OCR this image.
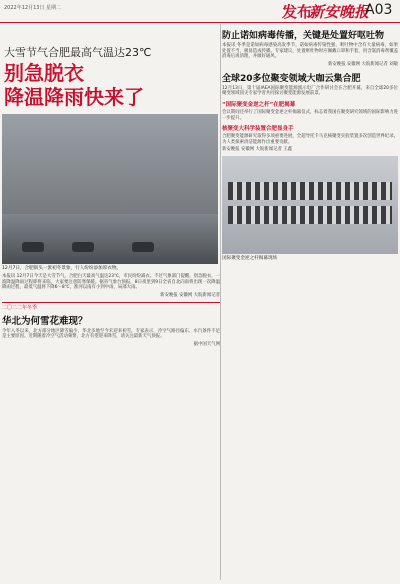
2022年12月13日 星期二	发布
新安晚报
A03
大雪节气合肥最高气温达23℃
别急脱衣
降温降雨快来了
12月7日，合肥街头一派初冬景象，行人纷纷添加厚衣物。
本报讯 12月7日今天是大雪节气，合肥白天最高气温达23℃，市民纷纷减衣。不过气象部门提醒，别急脱衣，一波降温降雨过程即将来临，大家要注意防寒保暖。据省气象台预报，8日夜里到9日全省自北向南将出现一次降温降雨过程，最低气温将下降6～8℃，淮河以南有小到中雨，局部大雨。
新安晚报 安徽网 大皖新闻记者
二〇二二年冬季
华北为何雪花难现？
今年入冬以来，北方部分地区降雪偏少，华北多地至今未迎来初雪。专家表示，冷空气路径偏东、水汽条件不足是主要原因。近期随着冷空气活动频繁，北方有望迎来降雪，请关注最新天气预报。
据中国天气网
防止诺如病毒传播，关键是处置好呕吐物
本报讯 冬季是诺如病毒感染高发季节。诺如病毒传染性强，呕吐物中含有大量病毒，如果处置不当，极易造成传播。专家建议，处置呕吐物时应佩戴口罩和手套，用含氯消毒剂覆盖消毒后再清理，并做好通风。
新安晚报 安徽网 大皖新闻记者 刘敏
全球20多位聚变领域大咖云集合肥
12月13日，第十届IAEA国际聚变能源演示电厂合作研讨会在合肥开幕，来自全球20多位聚变领域顶尖专家学者共同探讨聚变能源发展前景。
“国际聚变金逆之杆”在肥揭幕
会议期间还举行了国际聚变金逆之杆揭幕仪式，标志着我国在聚变研究领域的国际影响力进一步提升。
核聚变大科学装置合肥显身手
合肥聚变能源研究取得多项重要进展，全超导托卡马克核聚变实验装置多次创造世界纪录，为人类探索清洁能源作出重要贡献。
新安晚报 安徽网 大皖新闻记者 王鑫
国际聚变金逆之杆揭幕现场
